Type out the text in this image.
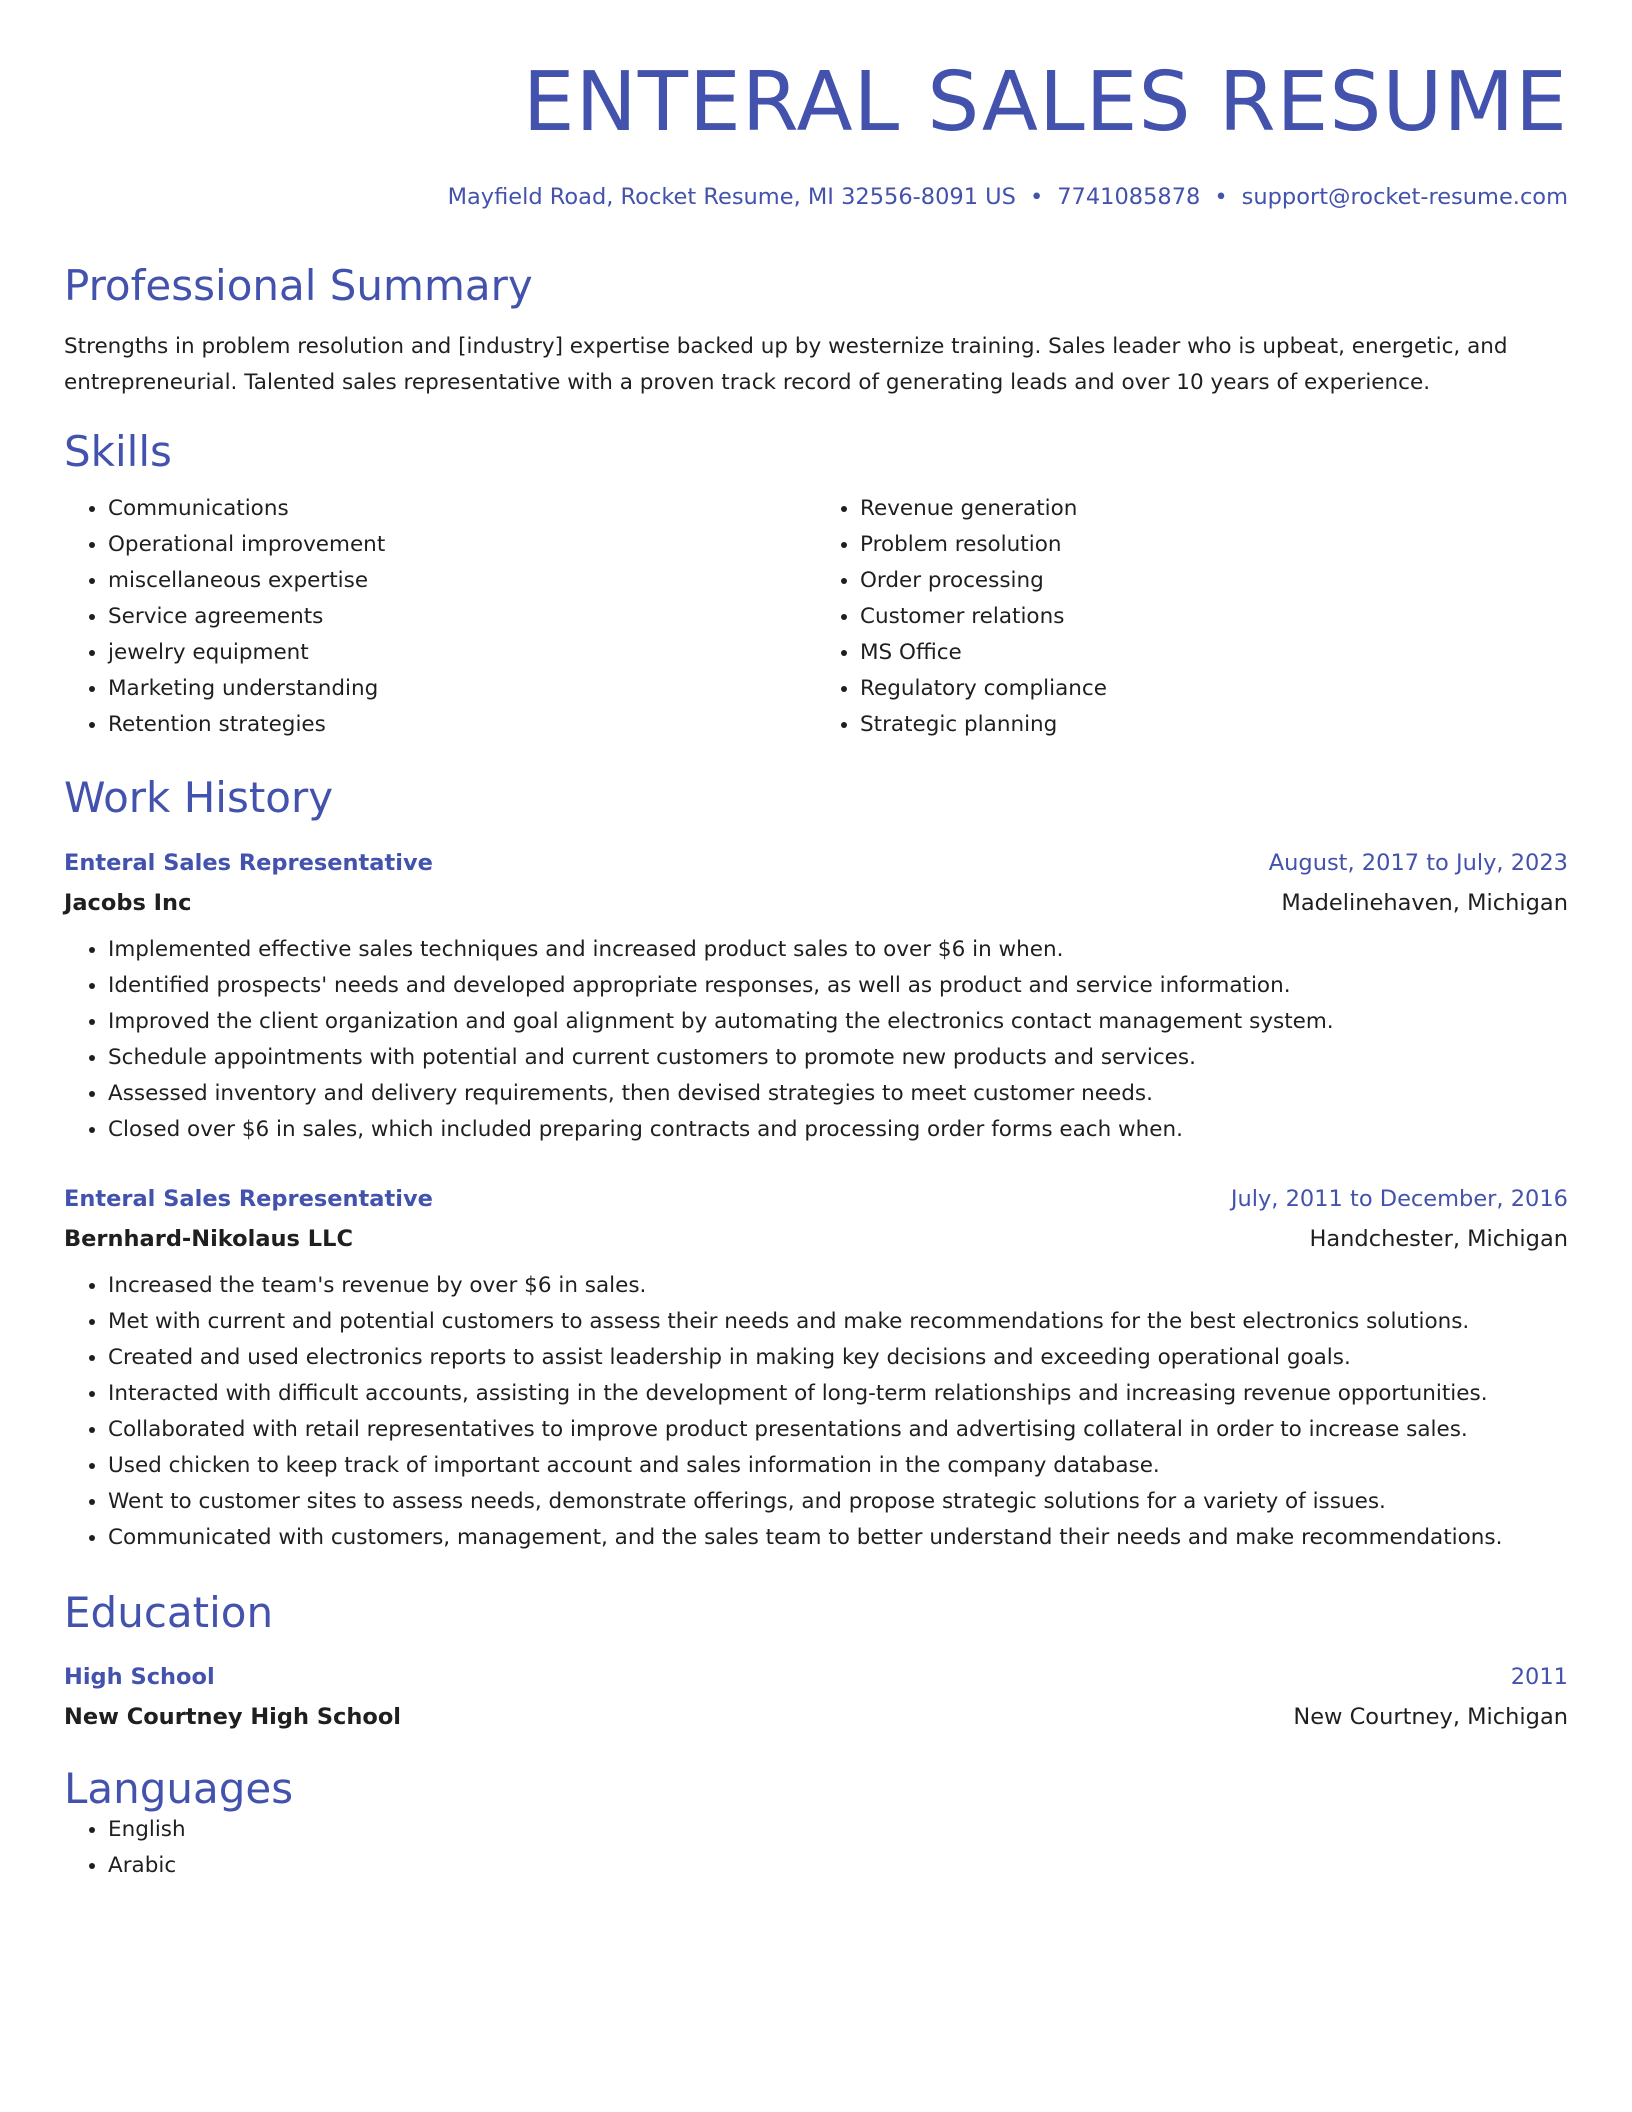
ENTERAL SALES RESUME
Mayfield Road, Rocket Resume, MI 32556-8091 US • 7741085878 • support@rocket-resume.com
Professional Summary
Strengths in problem resolution and [industry] expertise backed up by westernize training. Sales leader who is upbeat, energetic, and entrepreneurial. Talented sales representative with a proven track record of generating leads and over 10 years of experience.
Skills
• Communications
• Operational improvement
• miscellaneous expertise
• Service agreements
• jewelry equipment
• Marketing understanding
• Retention strategies
• Revenue generation
• Problem resolution
• Order processing
• Customer relations
• MS Office
• Regulatory compliance
• Strategic planning
Work History
Enteral Sales Representative	August, 2017 to July, 2023
Jacobs Inc	Madelinehaven, Michigan
• Implemented effective sales techniques and increased product sales to over $6 in when.
• Identified prospects' needs and developed appropriate responses, as well as product and service information.
• Improved the client organization and goal alignment by automating the electronics contact management system.
• Schedule appointments with potential and current customers to promote new products and services.
• Assessed inventory and delivery requirements, then devised strategies to meet customer needs.
• Closed over $6 in sales, which included preparing contracts and processing order forms each when.
Enteral Sales Representative	July, 2011 to December, 2016
Bernhard-Nikolaus LLC	Handchester, Michigan
• Increased the team's revenue by over $6 in sales.
• Met with current and potential customers to assess their needs and make recommendations for the best electronics solutions.
• Created and used electronics reports to assist leadership in making key decisions and exceeding operational goals.
• Interacted with difficult accounts, assisting in the development of long-term relationships and increasing revenue opportunities.
• Collaborated with retail representatives to improve product presentations and advertising collateral in order to increase sales.
• Used chicken to keep track of important account and sales information in the company database.
• Went to customer sites to assess needs, demonstrate offerings, and propose strategic solutions for a variety of issues.
• Communicated with customers, management, and the sales team to better understand their needs and make recommendations.
Education
High School	2011
New Courtney High School	New Courtney, Michigan
Languages
• English
• Arabic
